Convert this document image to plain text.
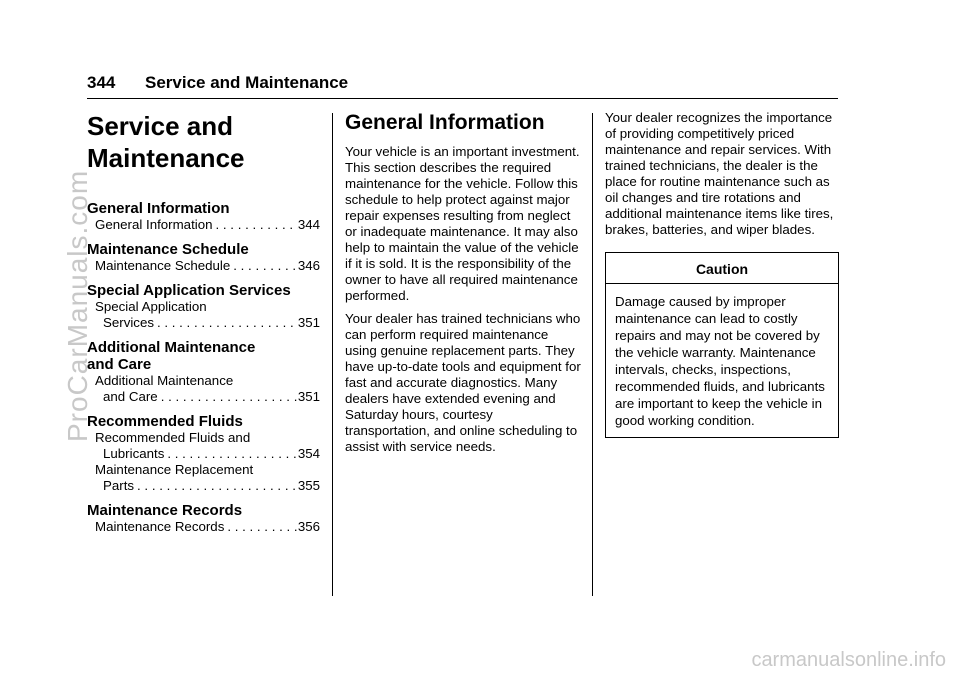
344 Service and Maintenance
Service and
Maintenance
General Information
General Information . . .	344
Maintenance Schedule
Maintenance Schedule . . .	346
Special Application Services
Special Application
Services . . .	351
Additional Maintenance
and Care
Additional Maintenance
and Care . . .	351
Recommended Fluids
Recommended Fluids and
Lubricants . . .	354
Maintenance Replacement
Parts . . .	355
Maintenance Records
Maintenance Records . . .	356
General Information

Your vehicle is an important investment. This section describes the required maintenance for the vehicle. Follow this schedule to help protect against major repair expenses resulting from neglect or inadequate maintenance. It may also help to maintain the value of the vehicle if it is sold. It is the responsibility of the owner to have all required maintenance performed.

Your dealer has trained technicians who can perform required maintenance using genuine replacement parts. They have up-to-date tools and equipment for fast and accurate diagnostics. Many dealers have extended evening and Saturday hours, courtesy transportation, and online scheduling to assist with service needs.

Your dealer recognizes the importance of providing competitively priced maintenance and repair services. With trained technicians, the dealer is the place for routine maintenance such as oil changes and tire rotations and additional maintenance items like tires, brakes, batteries, and wiper blades.

Caution
Damage caused by improper maintenance can lead to costly repairs and may not be covered by the vehicle warranty. Maintenance intervals, checks, inspections, recommended fluids, and lubricants are important to keep the vehicle in good working condition.
ProCarManuals.com
carmanualsonline.info
